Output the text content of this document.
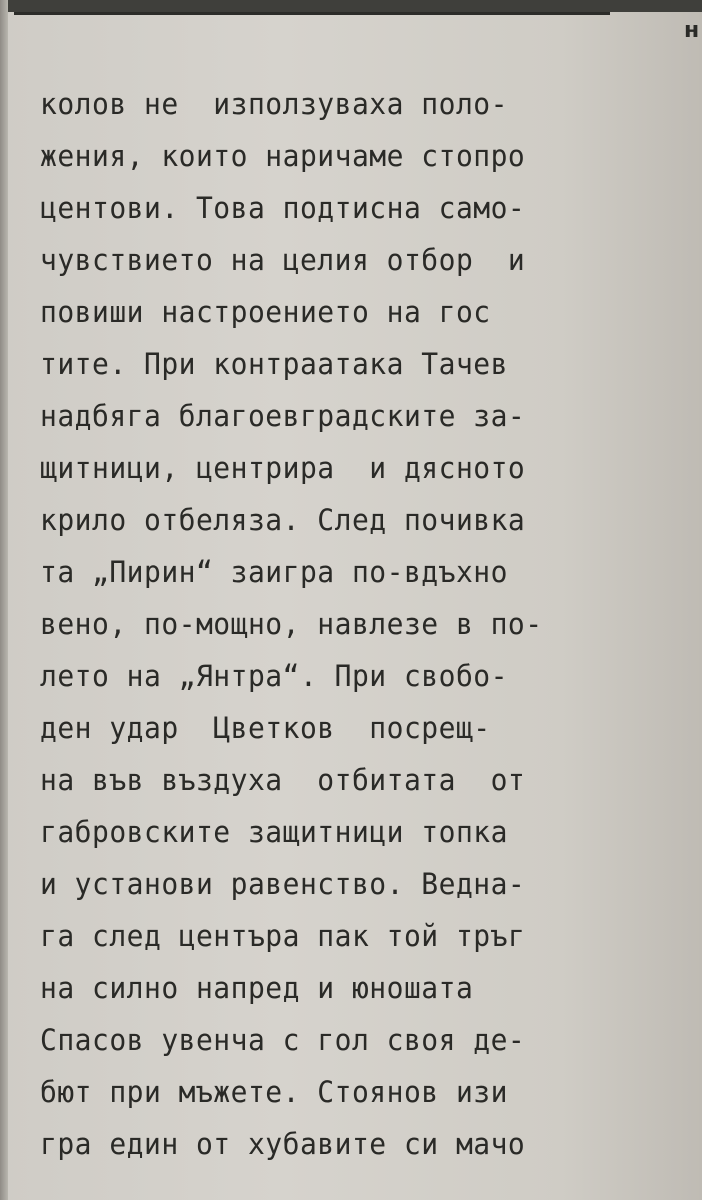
н
колов не  използуваха поло-
жения, които наричаме стопро
центови. Това подтисна само-
чувствието на целия отбор  и
повиши настроението на гос
тите. При контраатака Тачев
надбяга благоевградските за-
щитници, центрира  и дясното
крило отбеляза. След почивка
та „Пирин“ заигра по-вдъхно
вено, по-мощно, навлезе в по-
лето на „Янтра“. При свобо-
ден удар  Цветков  посрещ-
на във въздуха  отбитата  от
габровските защитници топка
и установи равенство. Ведна-
га след центъра пак той тръг
на силно напред и юношата
Спасов увенча с гол своя де-
бют при мъжете. Стоянов изи
гра един от хубавите си мачо
